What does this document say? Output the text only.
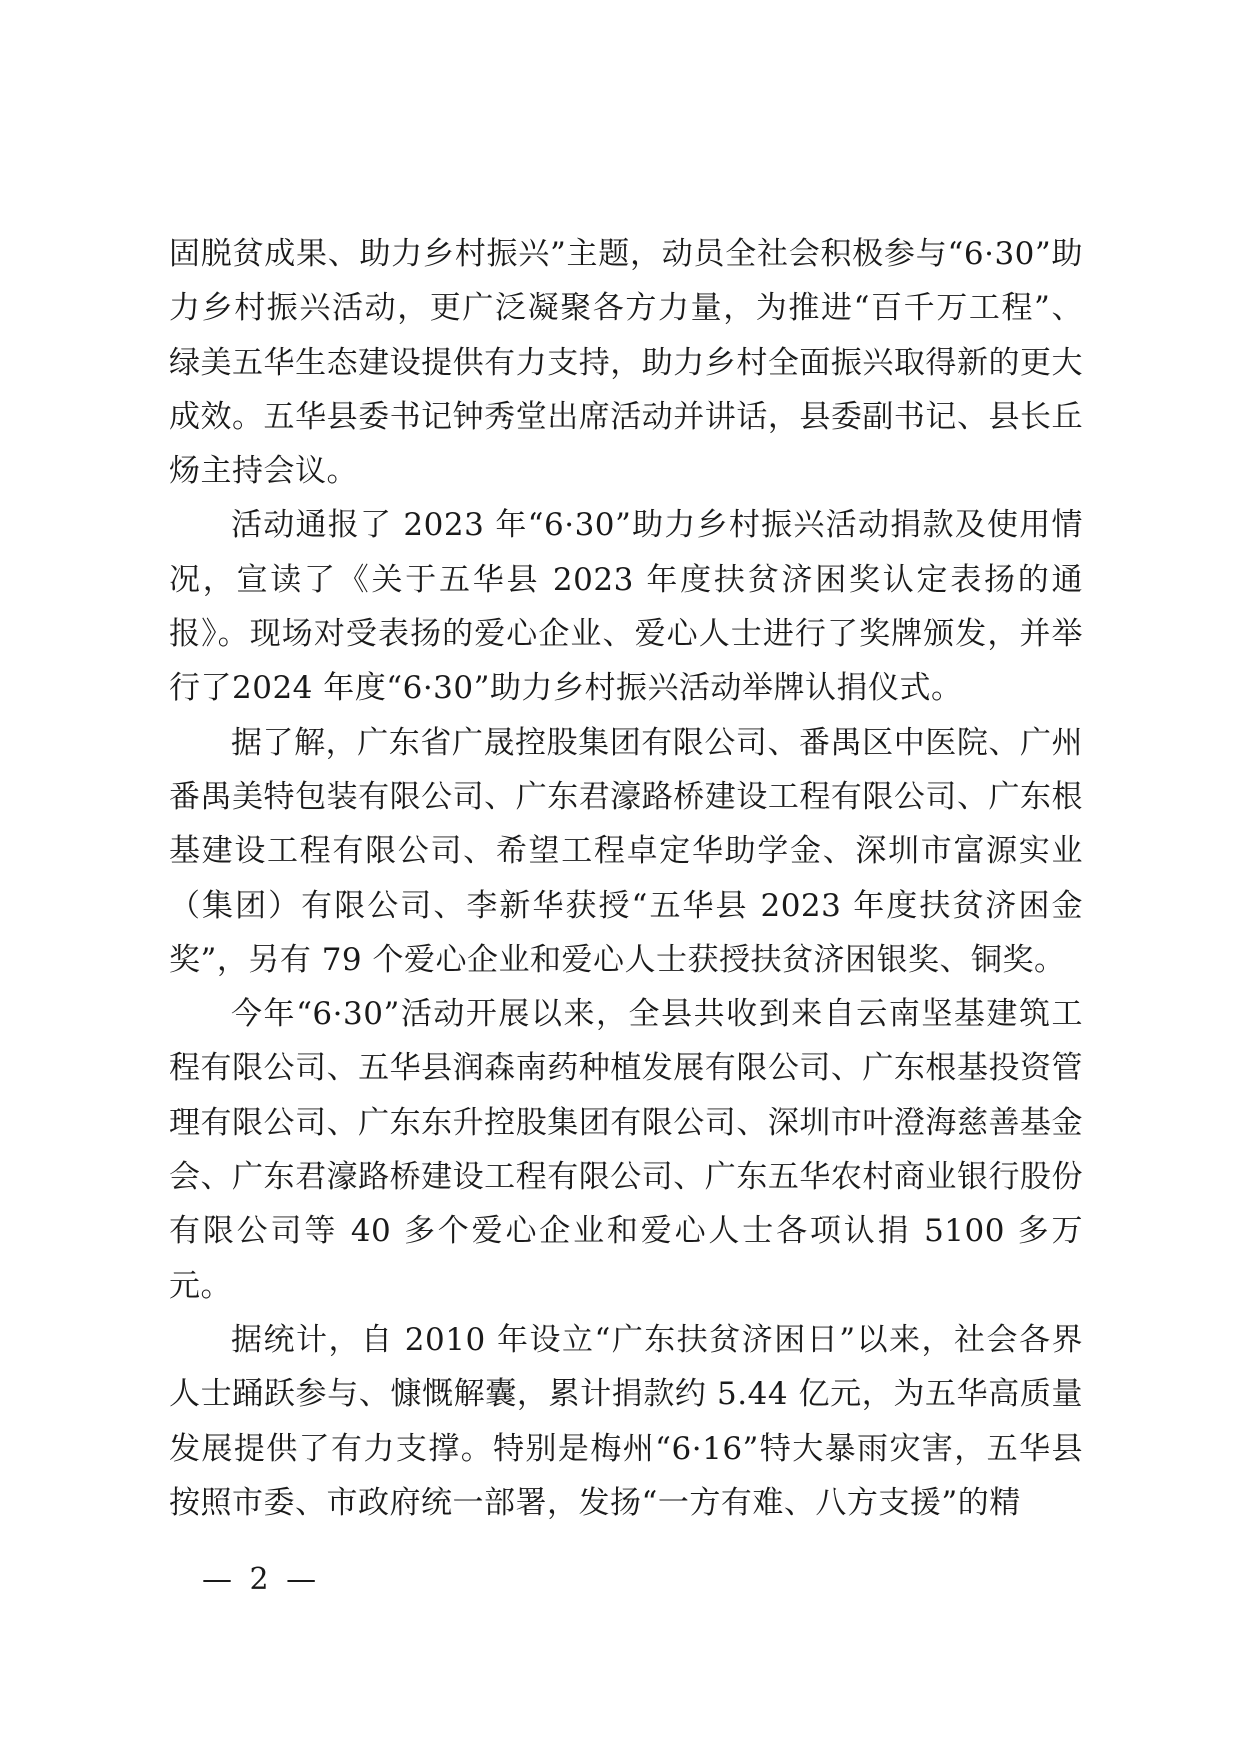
固脱贫成果、助力乡村振兴”主题，动员全社会积极参与“6·30”助力乡村振兴活动，更广泛凝聚各方力量，为推进“百千万工程”、绿美五华生态建设提供有力支持，助力乡村全面振兴取得新的更大成效。五华县委书记钟秀堂出席活动并讲话，县委副书记、县长丘炀主持会议。

活动通报了 2023 年“6·30”助力乡村振兴活动捐款及使用情况，宣读了《关于五华县 2023 年度扶贫济困奖认定表扬的通报》。现场对受表扬的爱心企业、爱心人士进行了奖牌颁发，并举行了2024 年度“6·30”助力乡村振兴活动举牌认捐仪式。

据了解，广东省广晟控股集团有限公司、番禺区中医院、广州番禺美特包装有限公司、广东君濠路桥建设工程有限公司、广东根基建设工程有限公司、希望工程卓定华助学金、深圳市富源实业（集团）有限公司、李新华获授“五华县 2023 年度扶贫济困金奖”，另有 79 个爱心企业和爱心人士获授扶贫济困银奖、铜奖。

今年“6·30”活动开展以来，全县共收到来自云南坚基建筑工程有限公司、五华县润森南药种植发展有限公司、广东根基投资管理有限公司、广东东升控股集团有限公司、深圳市叶澄海慈善基金会、广东君濠路桥建设工程有限公司、广东五华农村商业银行股份有限公司等 40 多个爱心企业和爱心人士各项认捐 5100 多万元。

据统计，自 2010 年设立“广东扶贫济困日”以来，社会各界人士踊跃参与、慷慨解囊，累计捐款约 5.44 亿元，为五华高质量发展提供了有力支撑。特别是梅州“6·16”特大暴雨灾害，五华县按照市委、市政府统一部署，发扬“一方有难、八方支援”的精

— 2 —
